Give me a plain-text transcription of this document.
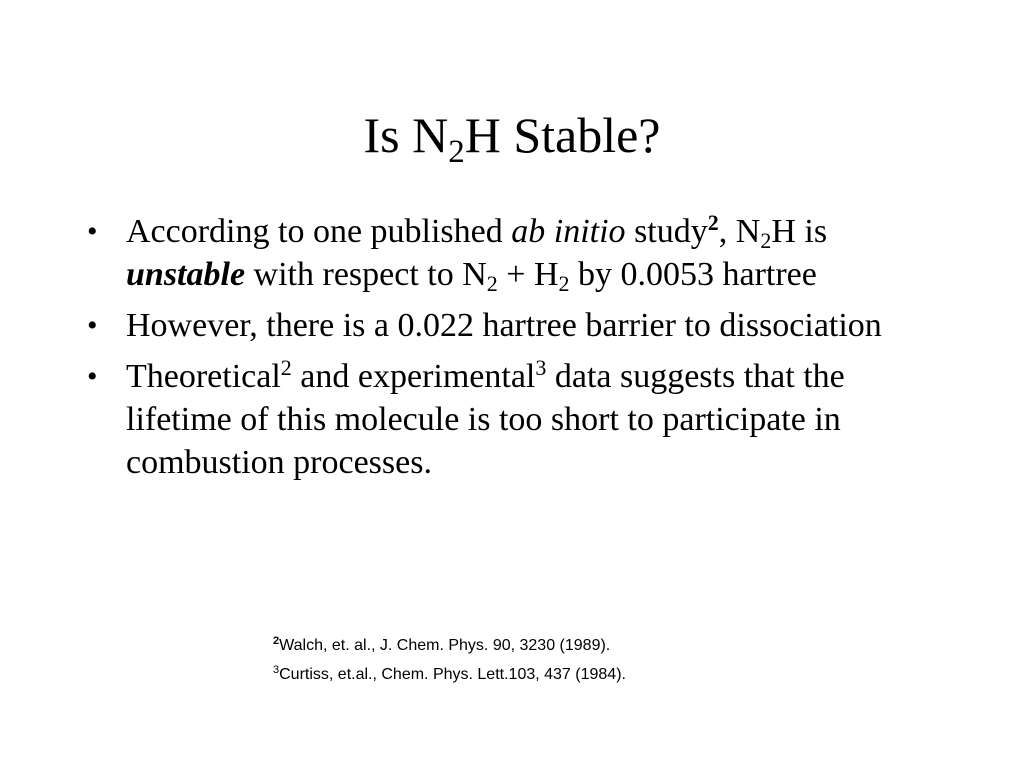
Is $N_2H$ Stable?
• According to one published ab initio study$^2$, $N_2H$ is unstable with respect to $N_2 + H_2$ by 0.0053 hartree
• However, there is a 0.022 hartree barrier to dissociation
• Theoretical$^2$ and experimental$^3$ data suggests that the lifetime of this molecule is too short to participate in combustion processes.
$^2$Walch, et. al., J. Chem. Phys. 90, 3230 (1989).
$^3$Curtiss, et.al., Chem. Phys. Lett.103, 437 (1984).
